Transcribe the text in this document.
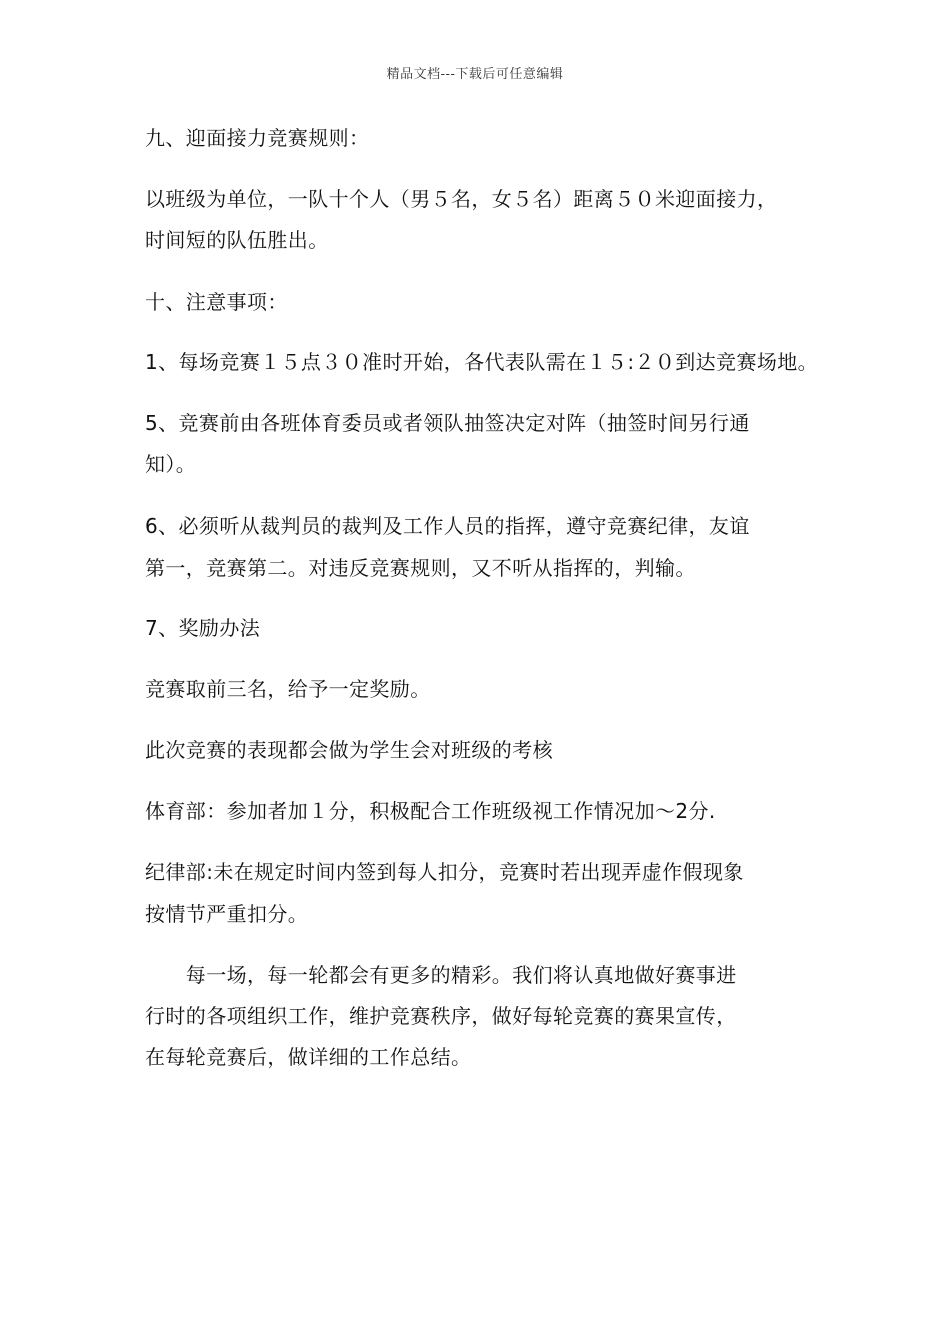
精品文档---下载后可任意编辑
九、迎面接力竞赛规则：
以班级为单位，一队十个人（男５名，女５名）距离５０米迎面接力，
时间短的队伍胜出。
十、注意事项：
1、每场竞赛１５点３０准时开始，各代表队需在１５:２０到达竞赛场地。
5、竞赛前由各班体育委员或者领队抽签决定对阵（抽签时间另行通
知）。
6、必须听从裁判员的裁判及工作人员的指挥，遵守竞赛纪律，友谊
第一，竞赛第二。对违反竞赛规则，又不听从指挥的，判输。
7、奖励办法
竞赛取前三名，给予一定奖励。
此次竞赛的表现都会做为学生会对班级的考核
体育部：参加者加１分，积极配合工作班级视工作情况加～2分.
纪律部:未在规定时间内签到每人扣分，竞赛时若出现弄虚作假现象
按情节严重扣分。
　　每一场，每一轮都会有更多的精彩。我们将认真地做好赛事进
行时的各项组织工作，维护竞赛秩序，做好每轮竞赛的赛果宣传，
在每轮竞赛后，做详细的工作总结。
